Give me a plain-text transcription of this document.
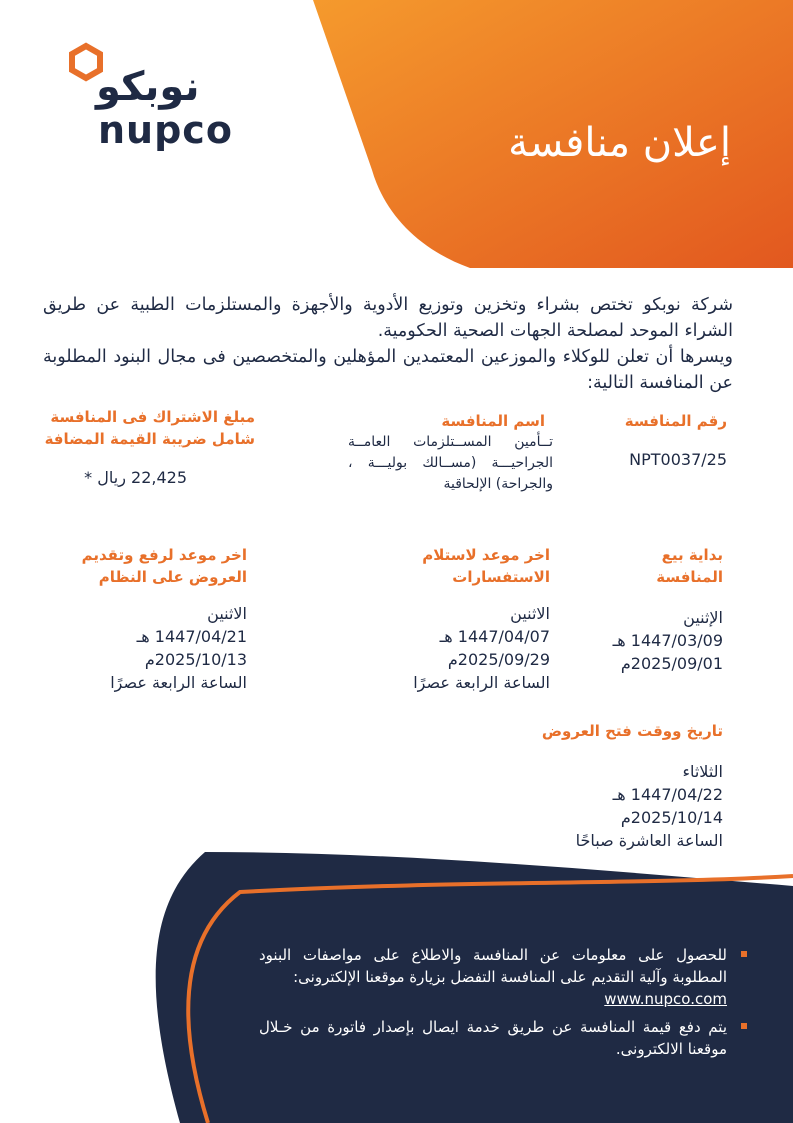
نوبكو
nupco	إعلان منافسة

شركة نوبكو تختص بشراء وتخزين وتوزيع الأدوية والأجهزة والمستلزمات الطبية عن طريق الشراء الموحد لمصلحة الجهات الصحية الحكومية.

ويسرها أن تعلن للوكلاء والموزعين المعتمدين المؤهلين والمتخصصين فى مجال البنود المطلوبة عن المنافسة التالية:

رقم المنافسة
NPT0037/25
اسم المنافسة
تــأمين المســتلزمات العامــة الجراحيـــة (مســالك بوليـــة ، والجراحة) الإلحاقية
مبلغ الاشتراك فى المنافسة
شامل ضريبة القيمة المضافة
22,425 ريال *
بداية بيع
المنافسة
الإثنين
1447/03/09 هـ
2025/09/01م
اخر موعد لاستلام
الاستفسارات
الاثنين
1447/04/07 هـ
2025/09/29م
الساعة الرابعة عصرًا
اخر موعد لرفع وتقديم
العروض على النظام
الاثنين
1447/04/21 هـ
2025/10/13م
الساعة الرابعة عصرًا
تاريخ ووقت فتح العروض
الثلاثاء
1447/04/22 هـ
2025/10/14م
الساعة العاشرة صباحًا
للحصول على معلومات عن المنافسة والاطلاع على مواصفات البنود المطلوبة وآلية التقديم على المنافسة التفضل بزيارة موقعنا الإلكترونى:
www.nupco.com
يتم دفع قيمة المنافسة عن طريق خدمة ايصال بإصدار فاتورة من خـلال موقعنا الالكترونى.
